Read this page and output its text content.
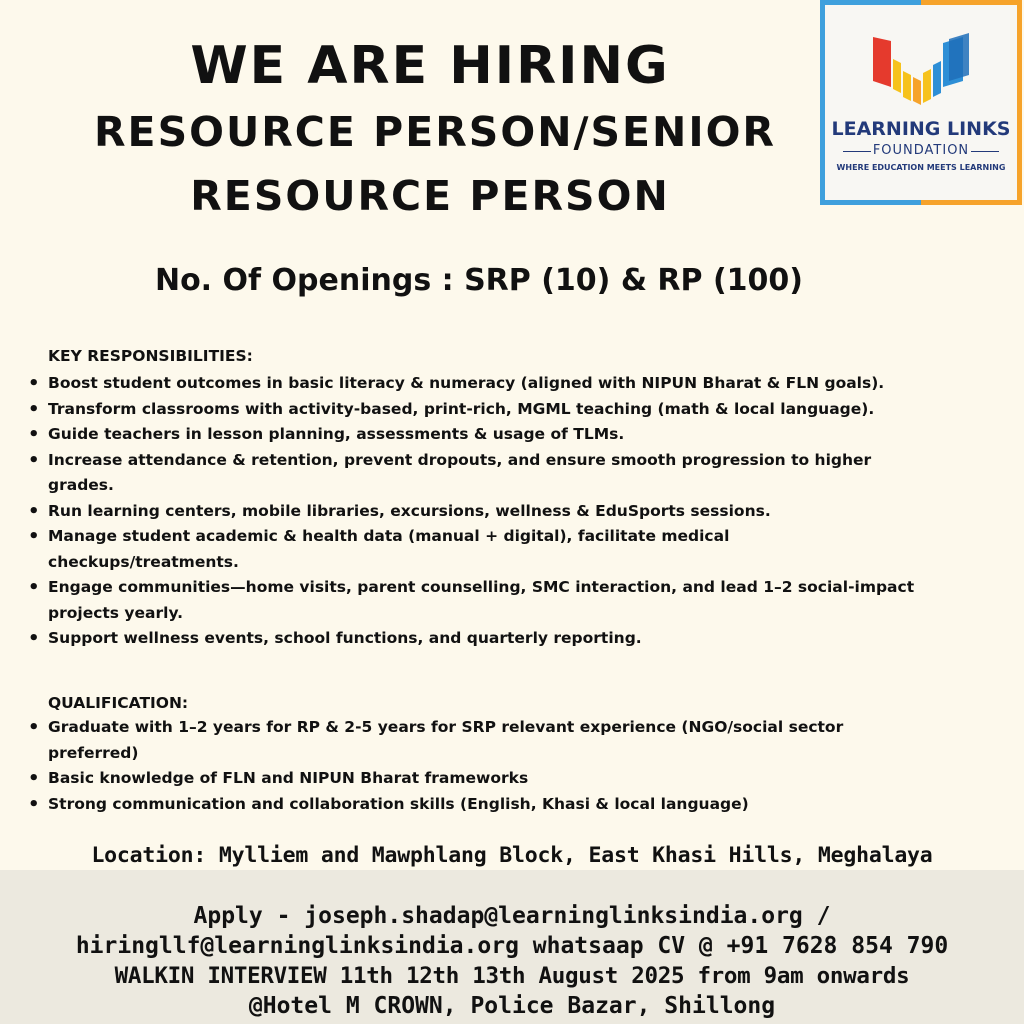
WE ARE HIRING
RESOURCE PERSON/SENIOR
RESOURCE PERSON
LEARNING LINKS
FOUNDATION
WHERE EDUCATION MEETS LEARNING
No. Of Openings : SRP (10) & RP (100)

KEY RESPONSIBILITIES:

• Boost student outcomes in basic literacy & numeracy (aligned with NIPUN Bharat & FLN goals).
• Transform classrooms with activity-based, print-rich, MGML teaching (math & local language).
• Guide teachers in lesson planning, assessments & usage of TLMs.
• Increase attendance & retention, prevent dropouts, and ensure smooth progression to higher grades.
• Run learning centers, mobile libraries, excursions, wellness & EduSports sessions.
• Manage student academic & health data (manual + digital), facilitate medical checkups/treatments.
• Engage communities—home visits, parent counselling, SMC interaction, and lead 1–2 social-impact projects yearly.
• Support wellness events, school functions, and quarterly reporting.

QUALIFICATION:

• Graduate with 1–2 years for RP & 2-5 years for SRP relevant experience (NGO/social sector preferred)
• Basic knowledge of FLN and NIPUN Bharat frameworks
• Strong communication and collaboration skills (English, Khasi & local language)

Location: Mylliem and Mawphlang Block, East Khasi Hills, Meghalaya

Apply - joseph.shadap@learninglinksindia.org /

hiringllf@learninglinksindia.org whatsaap CV @ +91 7628 854 790

WALKIN INTERVIEW 11th 12th 13th August 2025 from 9am onwards

@Hotel M CROWN, Police Bazar, Shillong
